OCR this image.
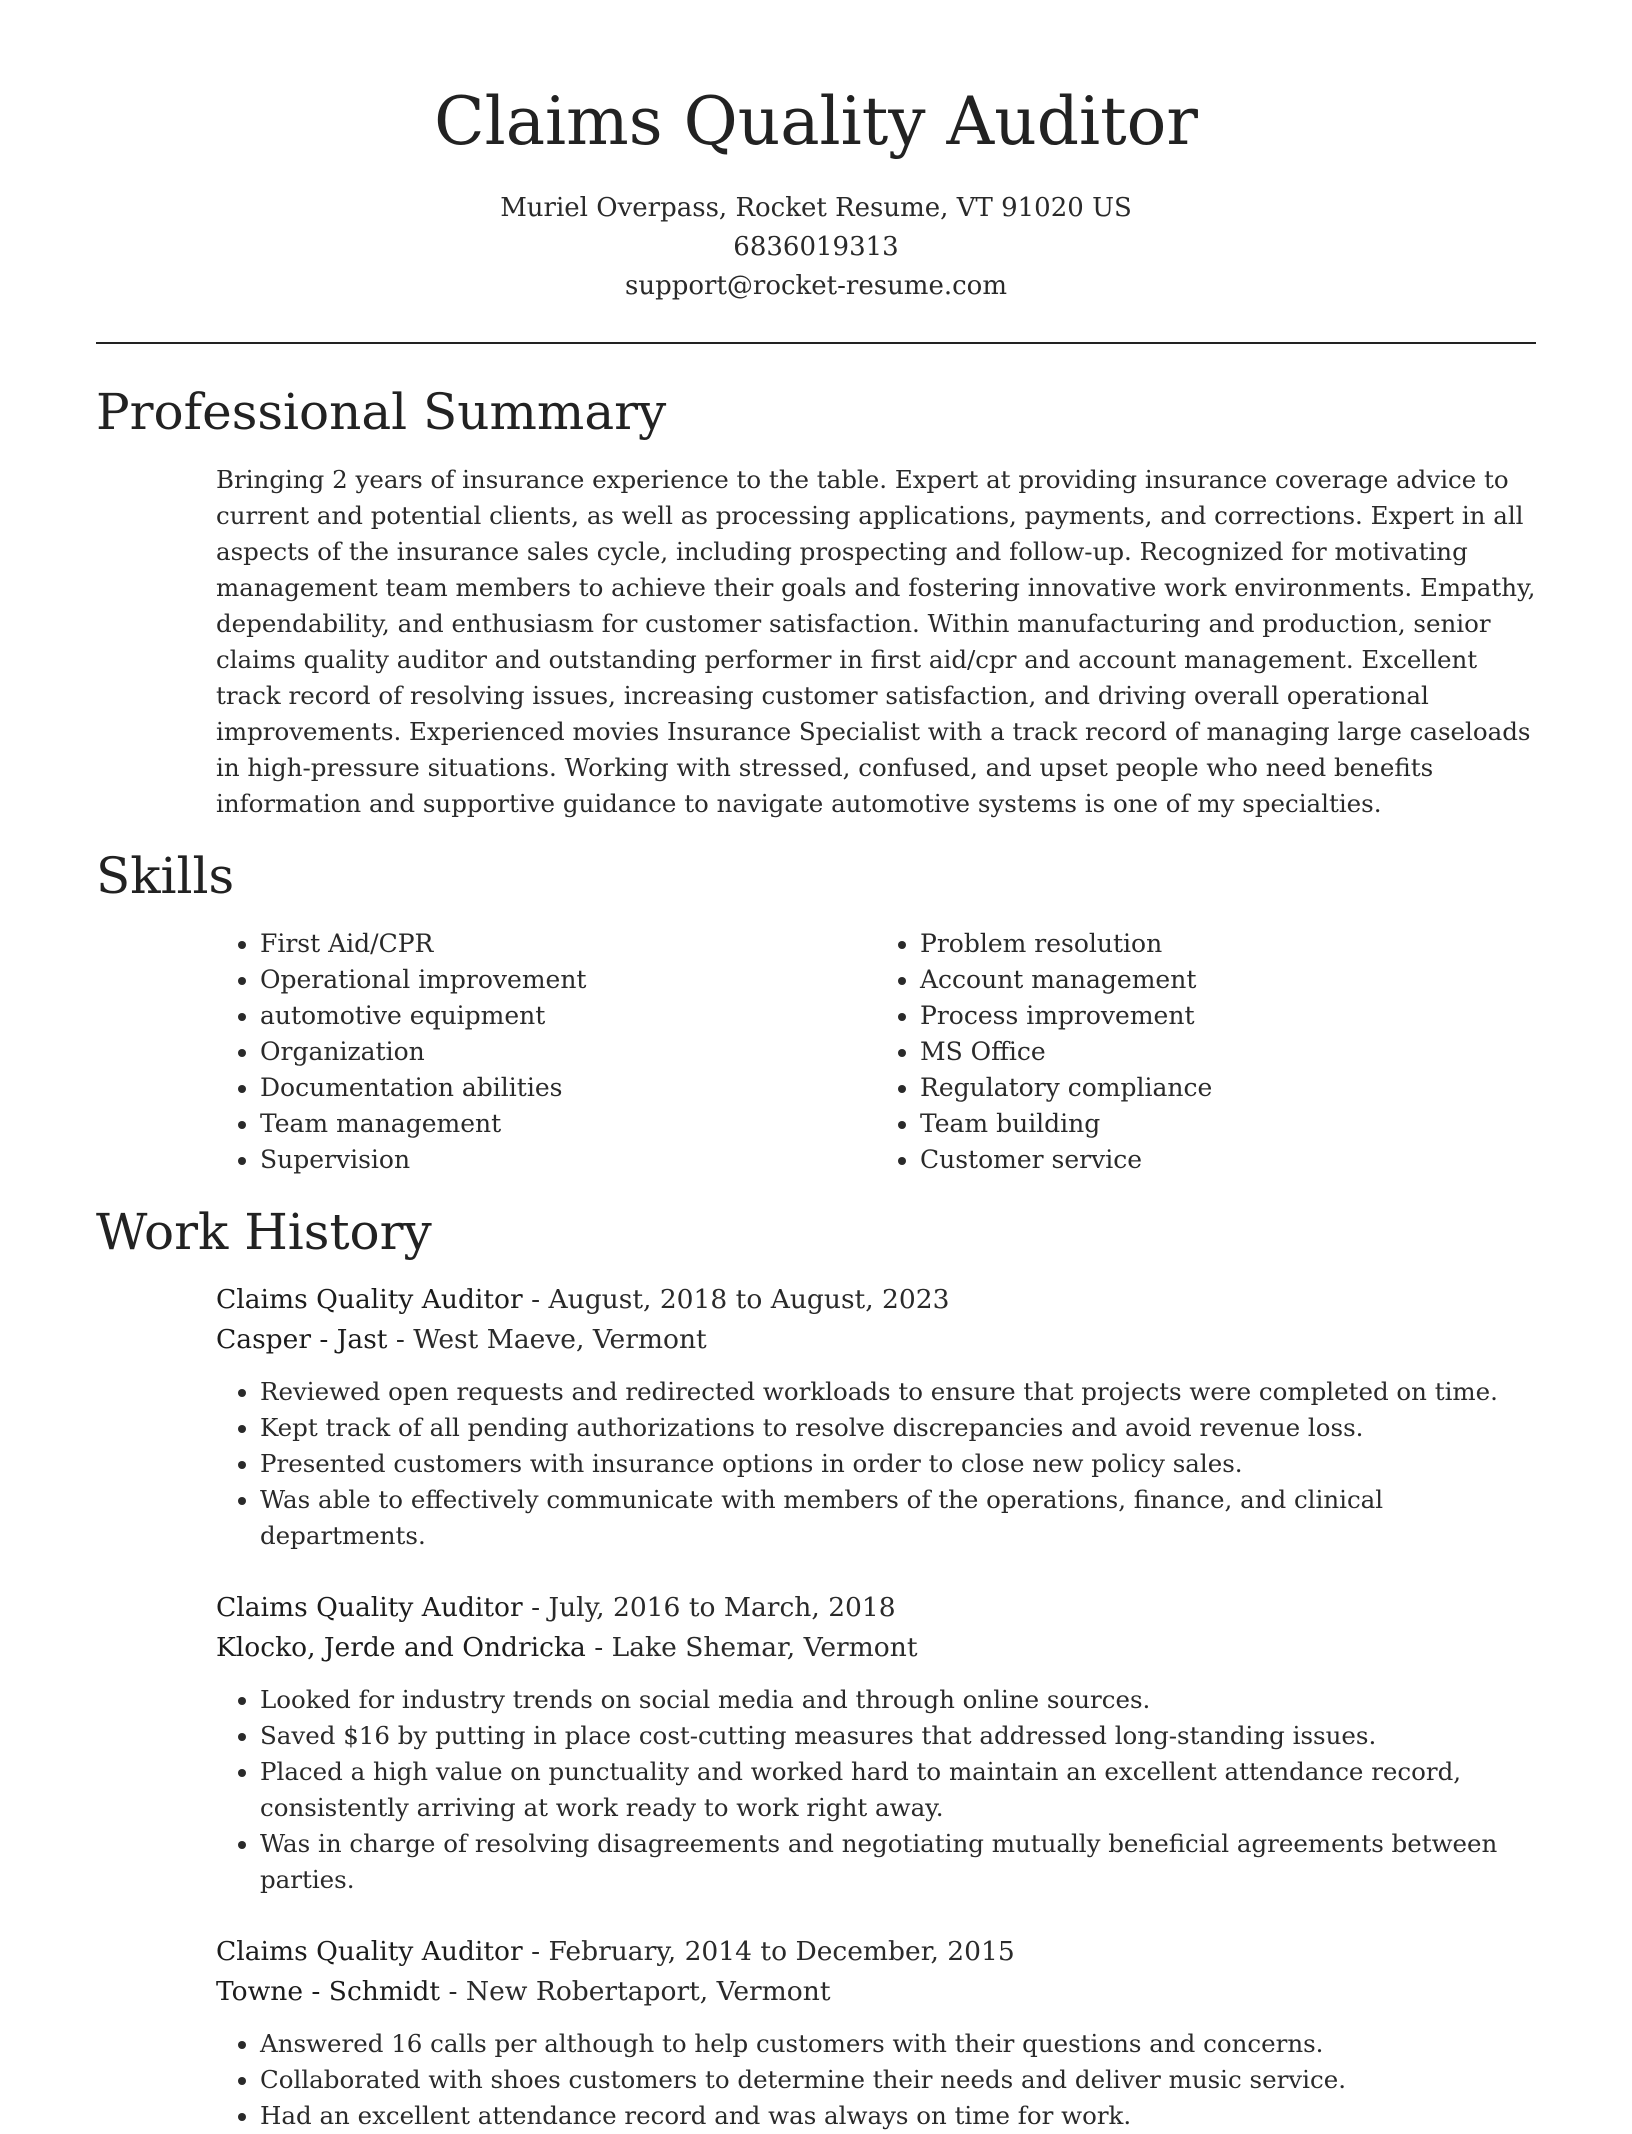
Claims Quality Auditor
Muriel Overpass, Rocket Resume, VT 91020 US
6836019313
support@rocket-resume.com
Professional Summary

Bringing 2 years of insurance experience to the table. Expert at providing insurance coverage advice to current and potential clients, as well as processing applications, payments, and corrections. Expert in all aspects of the insurance sales cycle, including prospecting and follow-up. Recognized for motivating management team members to achieve their goals and fostering innovative work environments. Empathy, dependability, and enthusiasm for customer satisfaction. Within manufacturing and production, senior claims quality auditor and outstanding performer in first aid/cpr and account management. Excellent track record of resolving issues, increasing customer satisfaction, and driving overall operational improvements. Experienced movies Insurance Specialist with a track record of managing large caseloads in high-pressure situations. Working with stressed, confused, and upset people who need benefits information and supportive guidance to navigate automotive systems is one of my specialties.

Skills
• First Aid/CPR
• Operational improvement
• automotive equipment
• Organization
• Documentation abilities
• Team management
• Supervision
• Problem resolution
• Account management
• Process improvement
• MS Office
• Regulatory compliance
• Team building
• Customer service
Work History
Claims Quality Auditor - August, 2018 to August, 2023
Casper - Jast - West Maeve, Vermont
• Reviewed open requests and redirected workloads to ensure that projects were completed on time.
• Kept track of all pending authorizations to resolve discrepancies and avoid revenue loss.
• Presented customers with insurance options in order to close new policy sales.
• Was able to effectively communicate with members of the operations, finance, and clinical departments.
Claims Quality Auditor - July, 2016 to March, 2018
Klocko, Jerde and Ondricka - Lake Shemar, Vermont
• Looked for industry trends on social media and through online sources.
• Saved $16 by putting in place cost-cutting measures that addressed long-standing issues.
• Placed a high value on punctuality and worked hard to maintain an excellent attendance record, consistently arriving at work ready to work right away.
• Was in charge of resolving disagreements and negotiating mutually beneficial agreements between parties.
Claims Quality Auditor - February, 2014 to December, 2015
Towne - Schmidt - New Robertaport, Vermont
• Answered 16 calls per although to help customers with their questions and concerns.
• Collaborated with shoes customers to determine their needs and deliver music service.
• Had an excellent attendance record and was always on time for work.
